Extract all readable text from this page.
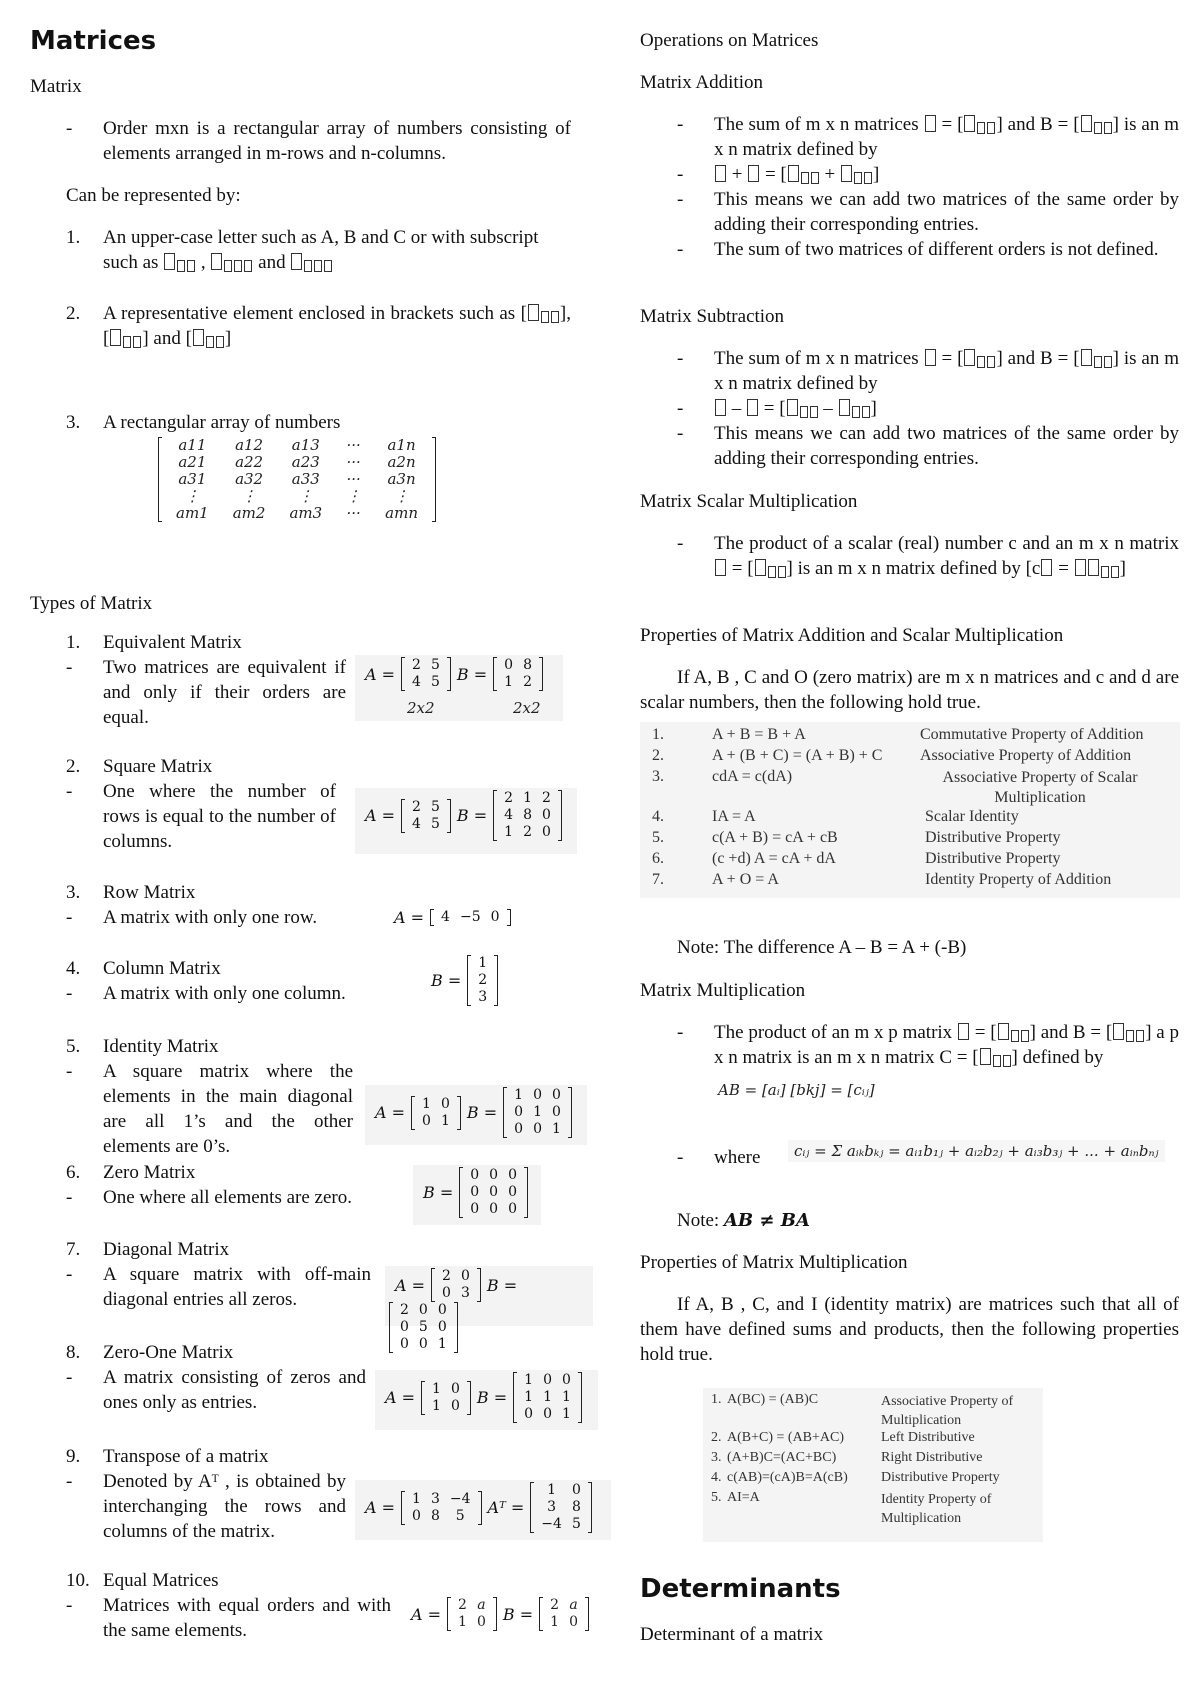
Matrices
Matrix
- Order mxn is a rectangular array of numbers consisting of elements arranged in m-rows and n-columns.
Can be represented by:
1. An upper-case letter such as A, B and C or with subscript such as  ,	and
2. A representative element enclosed in brackets such as [ ],[ ] and [ ]
3. A rectangular array of numbers
a11	a12	a13	···	a1n
a21	a22	a23	···	a2n
a31	a32	a33	···	a3n
⋮	⋮	⋮	⋮	⋮
am1	am2	am3	···	amn
Types of Matrix
1. Equivalent Matrix
- Two matrices are equivalent if and only if their orders are equal.
A = 2	5
4	5 B = 0	8
1	2
2x2	2x2
2. Square Matrix
- One where the number of rows is equal to the number of columns.
A = 2	5
4	5 B =
2	1	2
4	8	0
1	2	0
3. Row Matrix
- A matrix with only one row.	A = 4	−5	0
4. Column Matrix
- A matrix with only one column.
B =
1
2
3
5. Identity Matrix
- A square matrix where the elements in the main diagonal are all 1’s and the other elements are 0’s.
A = 1	0
0	1 B =
1	0	0
0	1	0
0	0	1
6. Zero Matrix
- One where all elements are zero.	B =
0	0	0
0	0	0
0	0	0
7. Diagonal Matrix
- A square matrix with off-main diagonal entries all zeros.
A = 2	0
0	3 B =
2	0	0
0	5	0
0	0	1
8. Zero-One Matrix
- A matrix consisting of zeros and ones only as entries.	A = 1	0
1	0 B =
1	0	0
1	1	1
0	0	1
9. Transpose of a matrix
- Denoted by Aᵀ , is obtained by interchanging the rows and columns of the matrix.
A = 1	3	−4
0	8	5 Aᵀ =
1	0
3	8
−4	5
10. Equal Matrices
- Matrices with equal orders and with the same elements.
A = 2	a
1	0 B = 2	a
1	0
Operations on Matrices
Matrix Addition
- The sum of m x n matrices  = [ ] and B = [ ] is an m x n matrix defined by
-	+  = [ + ]
- This means we can add two matrices of the same order by adding their corresponding entries.
- The sum of two matrices of different orders is not defined.
Matrix Subtraction
- The sum of m x n matrices  = [ ] and B = [ ] is an m x n matrix defined by
-	–  = [ – ]
- This means we can add two matrices of the same order by adding their corresponding entries.
Matrix Scalar Multiplication
- The product of a scalar (real) number c and an m x n matrix  = [ ] is an m x n matrix defined by [c = ]
Properties of Matrix Addition and Scalar Multiplication
If A, B , C and O (zero matrix) are m x n matrices and c and d are scalar numbers, then the following hold true.
1.	A + B = B + A	Commutative Property of Addition
2.	A + (B + C) = (A + B) + C Associative Property of Addition
3.	cdA = c(dA)	Associative Property of Scalar Multiplication
4.	IA = A	Scalar Identity
5.	c(A + B) = cA + cB	Distributive Property
6.	(c +d) A = cA + dA	Distributive Property
7.	A + O = A	Identity Property of Addition
Note: The difference A – B = A + (-B)
Matrix Multiplication
- The product of an m x p matrix  = [ ] and B = [ ] a p x n matrix is an m x n matrix C = [ ] defined by
AB = [aᵢ] [bkj] = [cᵢⱼ]
- where	cᵢⱼ = Σ aᵢₖbₖⱼ = aᵢ₁b₁ⱼ + aᵢ₂b₂ⱼ + aᵢ₃b₃ⱼ + ... + aᵢₙbₙⱼ
Note: AB ≠ BA
Properties of Matrix Multiplication
If A, B , C, and I (identity matrix) are matrices such that all of them have defined sums and products, then the following properties hold true.
1. A(BC) = (AB)C	Associative Property of Multiplication
2. A(B+C) = (AB+AC)	Left Distributive
3. (A+B)C=(AC+BC)	Right Distributive
4. c(AB)=(cA)B=A(cB) Distributive Property
5. AI=A	Identity Property of Multiplication
Determinants
Determinant of a matrix
